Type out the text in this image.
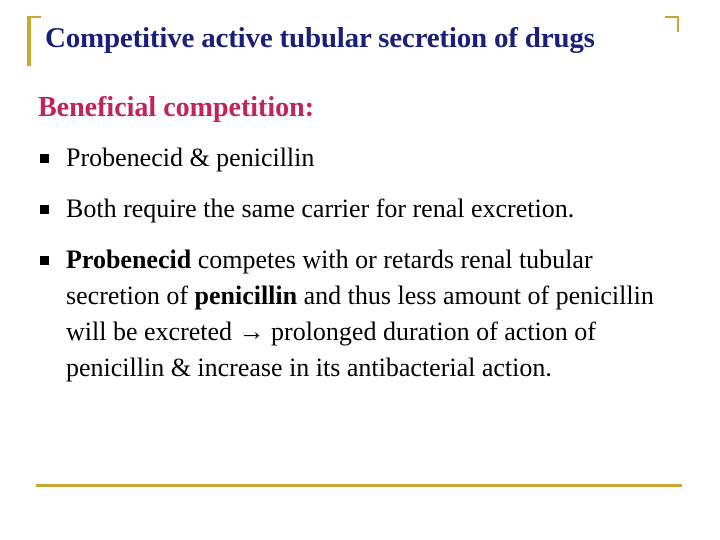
Competitive active tubular secretion of drugs
Beneficial competition:
Probenecid & penicillin
Both require the same carrier for renal excretion.
Probenecid competes with or retards renal tubular secretion of penicillin and thus less amount of penicillin will be excreted → prolonged duration of action of penicillin & increase in its antibacterial action.
